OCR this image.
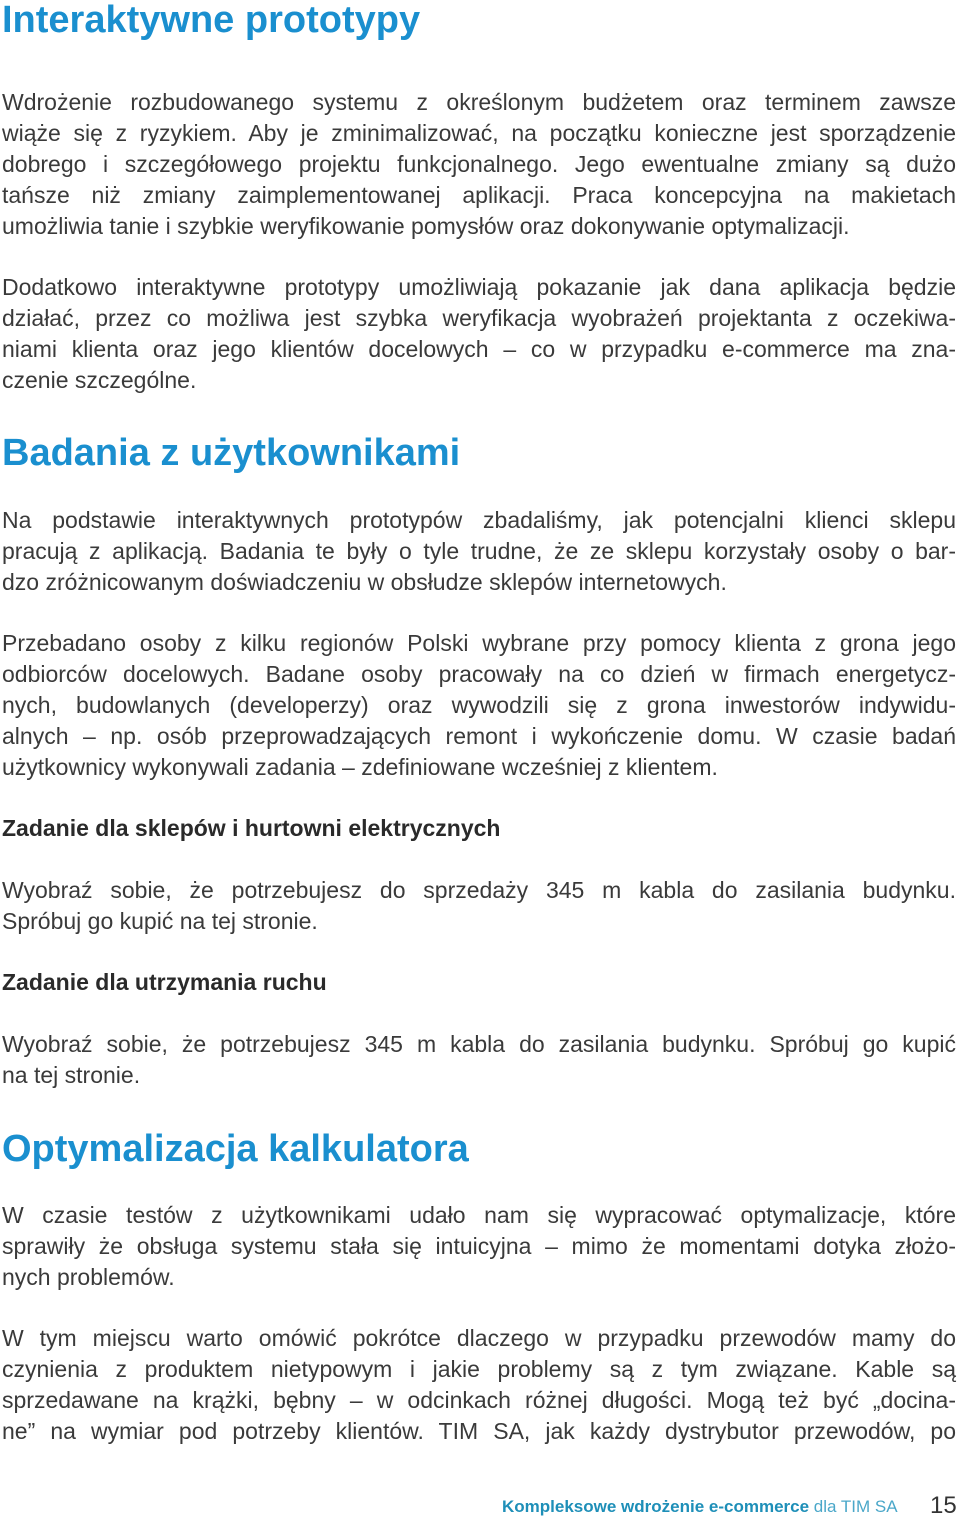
Interaktywne prototypy
Wdrożenie rozbudowanego systemu z określonym budżetem oraz terminem zawsze
wiąże się z ryzykiem. Aby je zminimalizować, na początku konieczne jest sporządzenie
dobrego i szczegółowego projektu funkcjonalnego. Jego ewentualne zmiany są dużo
tańsze niż zmiany zaimplementowanej aplikacji. Praca koncepcyjna na makietach
umożliwia tanie i szybkie weryfikowanie pomysłów oraz dokonywanie optymalizacji.
Dodatkowo interaktywne prototypy umożliwiają pokazanie jak dana aplikacja będzie
działać, przez co możliwa jest szybka weryfikacja wyobrażeń projektanta z oczekiwa-
niami klienta oraz jego klientów docelowych – co w przypadku e-commerce ma zna-
czenie szczególne.
Badania z użytkownikami
Na podstawie interaktywnych prototypów zbadaliśmy, jak potencjalni klienci sklepu
pracują z aplikacją. Badania te były o tyle trudne, że ze sklepu korzystały osoby o bar-
dzo zróżnicowanym doświadczeniu w obsłudze sklepów internetowych.
Przebadano osoby z kilku regionów Polski wybrane przy pomocy klienta z grona jego
odbiorców docelowych. Badane osoby pracowały na co dzień w firmach energetycz-
nych, budowlanych (developerzy) oraz wywodzili się z grona inwestorów indywidu-
alnych – np. osób przeprowadzających remont i wykończenie domu. W czasie badań
użytkownicy wykonywali zadania – zdefiniowane wcześniej z klientem.
Zadanie dla sklepów i hurtowni elektrycznych
Wyobraź sobie, że potrzebujesz do sprzedaży 345 m kabla do zasilania budynku.
Spróbuj go kupić na tej stronie.
Zadanie dla utrzymania ruchu
Wyobraź sobie, że potrzebujesz 345 m kabla do zasilania budynku. Spróbuj go kupić
na tej stronie.
Optymalizacja kalkulatora
W czasie testów z użytkownikami udało nam się wypracować optymalizacje, które
sprawiły że obsługa systemu stała się intuicyjna – mimo że momentami dotyka złożo-
nych problemów.
W tym miejscu warto omówić pokrótce dlaczego w przypadku przewodów mamy do
czynienia z produktem nietypowym i jakie problemy są z tym związane. Kable są
sprzedawane na krążki, bębny – w odcinkach różnej długości. Mogą też być „docina-
ne” na wymiar pod potrzeby klientów. TIM SA, jak każdy dystrybutor przewodów, po
Kompleksowe wdrożenie e-commerce dla TIM SA 15
